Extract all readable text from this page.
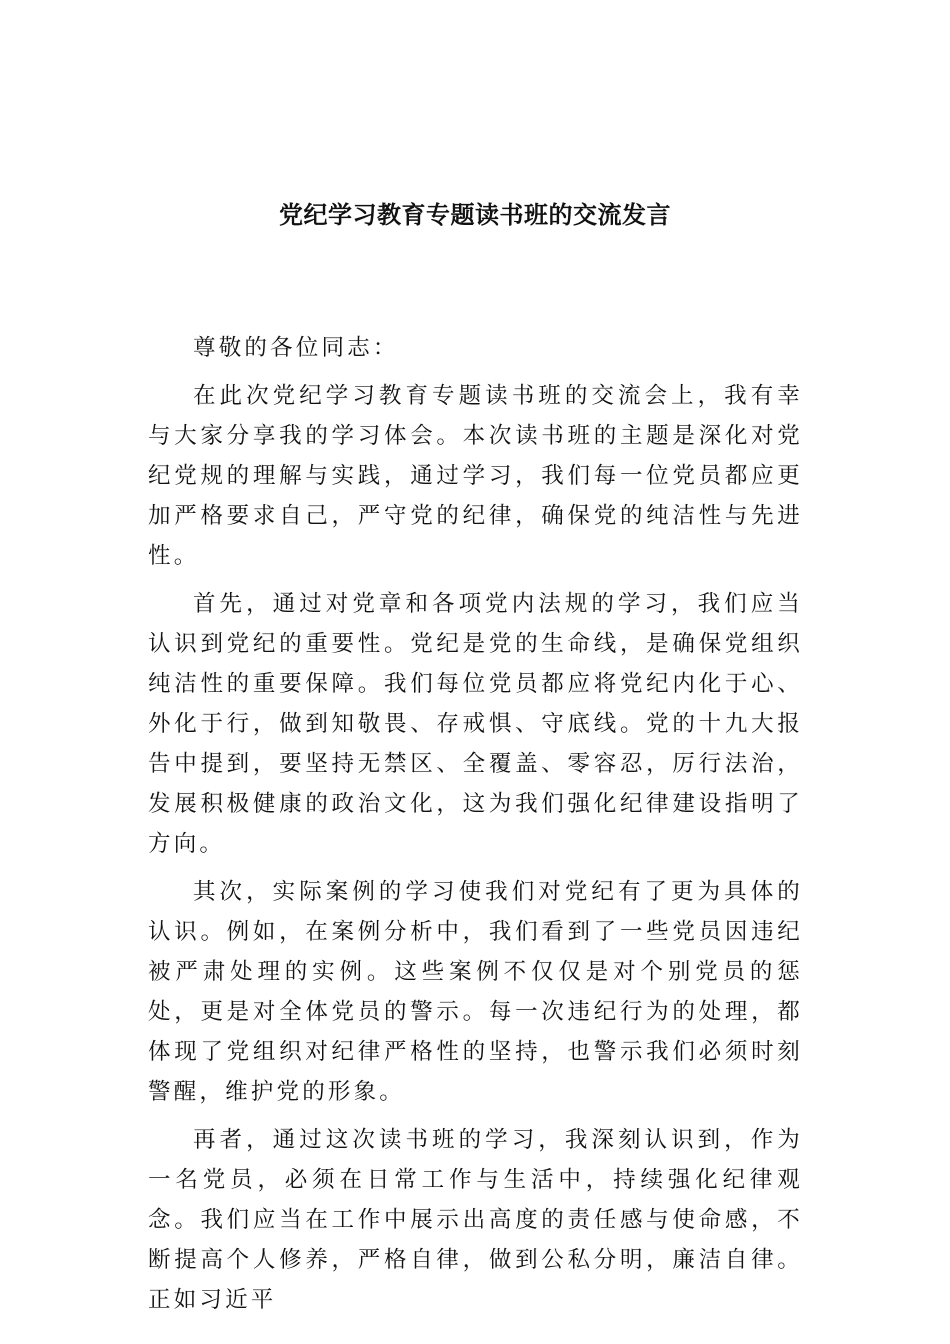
党纪学习教育专题读书班的交流发言

尊敬的各位同志：

在此次党纪学习教育专题读书班的交流会上，我有幸与大家分享我的学习体会。本次读书班的主题是深化对党纪党规的理解与实践，通过学习，我们每一位党员都应更加严格要求自己，严守党的纪律，确保党的纯洁性与先进性。

首先，通过对党章和各项党内法规的学习，我们应当认识到党纪的重要性。党纪是党的生命线，是确保党组织纯洁性的重要保障。我们每位党员都应将党纪内化于心、外化于行，做到知敬畏、存戒惧、守底线。党的十九大报告中提到，要坚持无禁区、全覆盖、零容忍，厉行法治，发展积极健康的政治文化，这为我们强化纪律建设指明了方向。

其次，实际案例的学习使我们对党纪有了更为具体的认识。例如，在案例分析中，我们看到了一些党员因违纪被严肃处理的实例。这些案例不仅仅是对个别党员的惩处，更是对全体党员的警示。每一次违纪行为的处理，都体现了党组织对纪律严格性的坚持，也警示我们必须时刻警醒，维护党的形象。

再者，通过这次读书班的学习，我深刻认识到，作为一名党员，必须在日常工作与生活中，持续强化纪律观念。我们应当在工作中展示出高度的责任感与使命感，不断提高个人修养，严格自律，做到公私分明，廉洁自律。正如习近平
